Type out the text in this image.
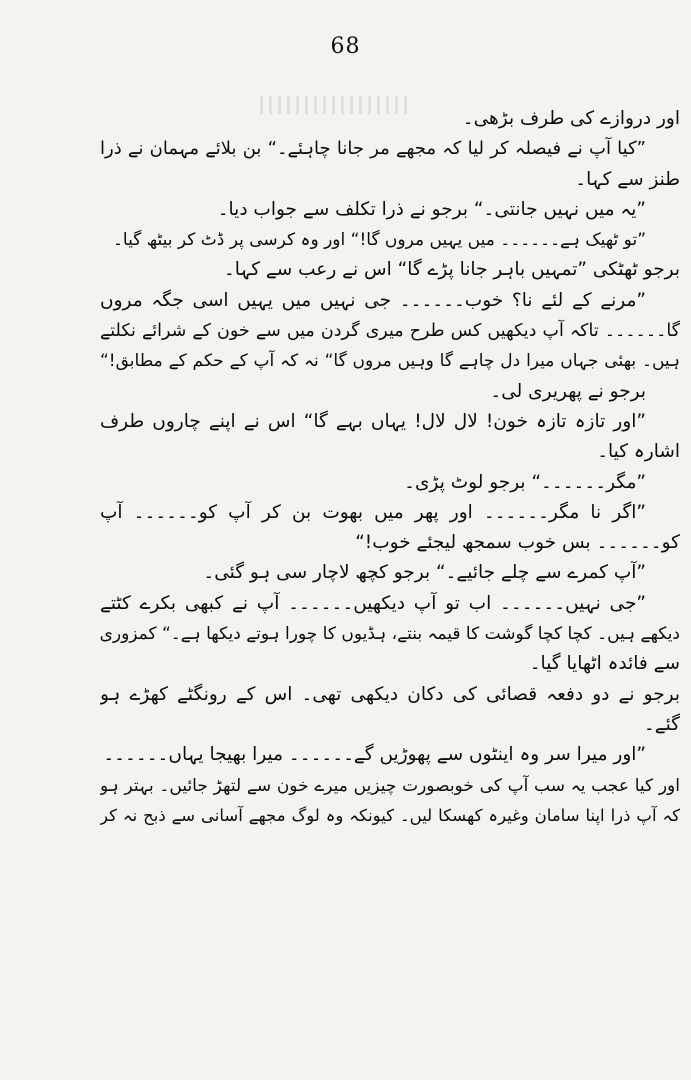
68
اور دروازے کی طرف بڑھی۔
”کیا آپ نے فیصلہ کر لیا کہ مجھے مر جانا چاہئے۔“ بن بلائے مہمان نے ذرا
طنز سے کہا۔
”یہ میں نہیں جانتی۔“ برجو نے ذرا تکلف سے جواب دیا۔
”تو ٹھیک ہے۔۔۔۔۔۔ میں یہیں مروں گا!“ اور وہ کرسی پر ڈٹ کر بیٹھ گیا۔
برجو ٹھٹکی ”تمہیں باہر جانا پڑے گا“ اس نے رعب سے کہا۔
”مرنے کے لئے نا؟ خوب۔۔۔۔۔۔ جی نہیں میں یہیں اسی جگہ مروں
گا۔۔۔۔۔۔ تاکہ آپ دیکھیں کس طرح میری گردن میں سے خون کے شرائے نکلتے
ہیں۔ بھئی جہاں میرا دل چاہے گا وہیں مروں گا“ نہ کہ آپ کے حکم کے مطابق!“
برجو نے پھریری لی۔
”اور تازہ تازہ خون! لال لال! یہاں بہے گا“ اس نے اپنے چاروں طرف
اشارہ کیا۔
”مگر۔۔۔۔۔۔“ برجو لوٹ پڑی۔
”اگر نا مگر۔۔۔۔۔۔ اور پھر میں بھوت بن کر آپ کو۔۔۔۔۔۔ آپ
کو۔۔۔۔۔۔ بس خوب سمجھ لیجئے خوب!“
”آپ کمرے سے چلے جائیے۔“ برجو کچھ لاچار سی ہو گئی۔
”جی نہیں۔۔۔۔۔۔ اب تو آپ دیکھیں۔۔۔۔۔۔ آپ نے کبھی بکرے کٹتے
دیکھے ہیں۔ کچا کچا گوشت کا قیمہ بنتے، ہڈیوں کا چورا ہوتے دیکھا ہے۔“ کمزوری
سے فائدہ اٹھایا گیا۔
برجو نے دو دفعہ قصائی کی دکان دیکھی تھی۔ اس کے رونگٹے کھڑے ہو
گئے۔
”اور میرا سر وہ اینٹوں سے پھوڑیں گے۔۔۔۔۔۔ میرا بھیجا یہاں۔۔۔۔۔۔
اور کیا عجب یہ سب آپ کی خوبصورت چیزیں میرے خون سے لتھڑ جائیں۔ بہتر ہو
کہ آپ ذرا اپنا سامان وغیرہ کھسکا لیں۔ کیونکہ وہ لوگ مجھے آسانی سے ذبح نہ کر
